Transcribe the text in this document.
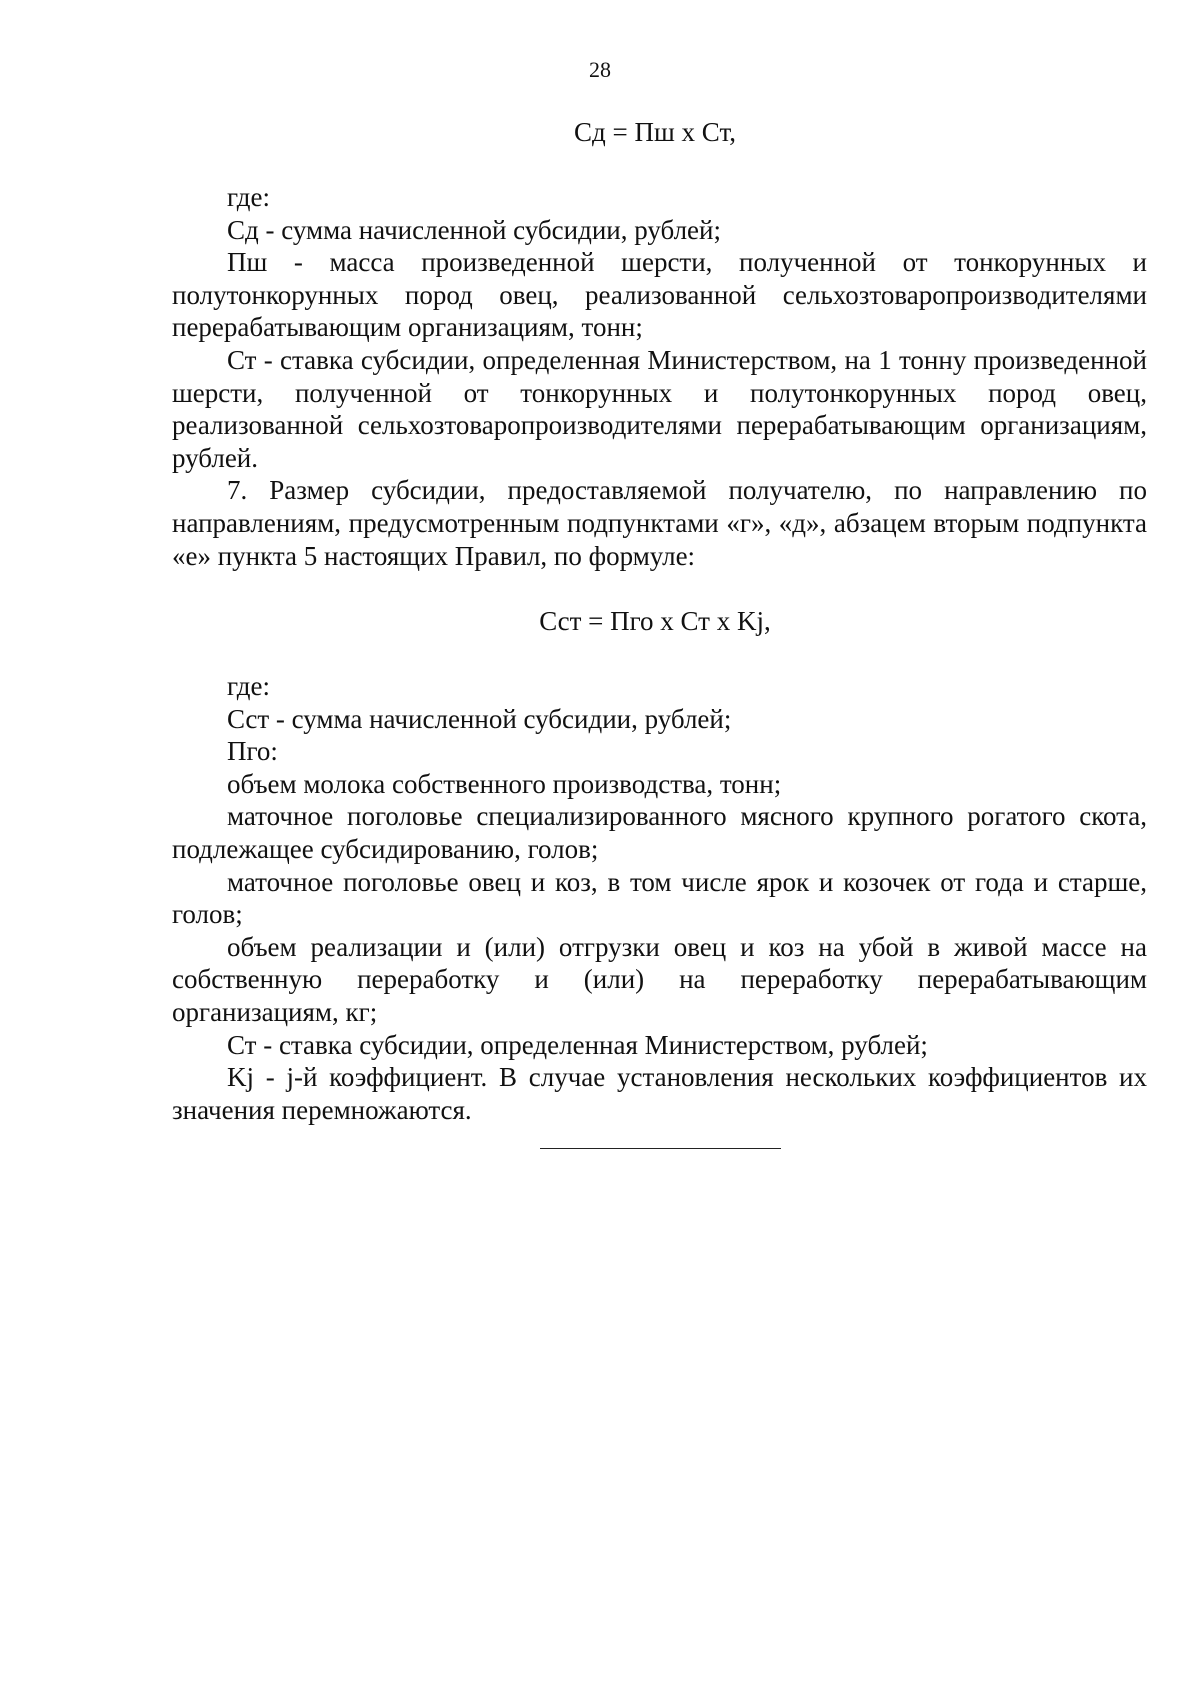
28
Сд = Пш х Ст,

где:

Сд - сумма начисленной субсидии, рублей;

Пш - масса произведенной шерсти, полученной от тонкорунных и полутонкорунных пород овец, реализованной сельхозтоваропроизводителями перерабатывающим организациям, тонн;

Ст - ставка субсидии, определенная Министерством, на 1 тонну произведенной шерсти, полученной от тонкорунных и полутонкорунных пород овец, реализованной сельхозтоваропроизводителями перерабатывающим организациям, рублей.

7. Размер субсидии, предоставляемой получателю, по направлению по направлениям, предусмотренным подпунктами «г», «д», абзацем вторым подпункта «е» пункта 5 настоящих Правил, по формуле:

Сст = Пго х Ст х Kj,

где:

Сст - сумма начисленной субсидии, рублей;

Пго:

объем молока собственного производства, тонн;

маточное поголовье специализированного мясного крупного рогатого скота, подлежащее субсидированию, голов;

маточное поголовье овец и коз, в том числе ярок и козочек от года и старше, голов;

объем реализации и (или) отгрузки овец и коз на убой в живой массе на собственную переработку и (или) на переработку перерабатывающим организациям, кг;

Ст - ставка субсидии, определенная Министерством, рублей;

Kj - j-й коэффициент. В случае установления нескольких коэффициентов их значения перемножаются.
